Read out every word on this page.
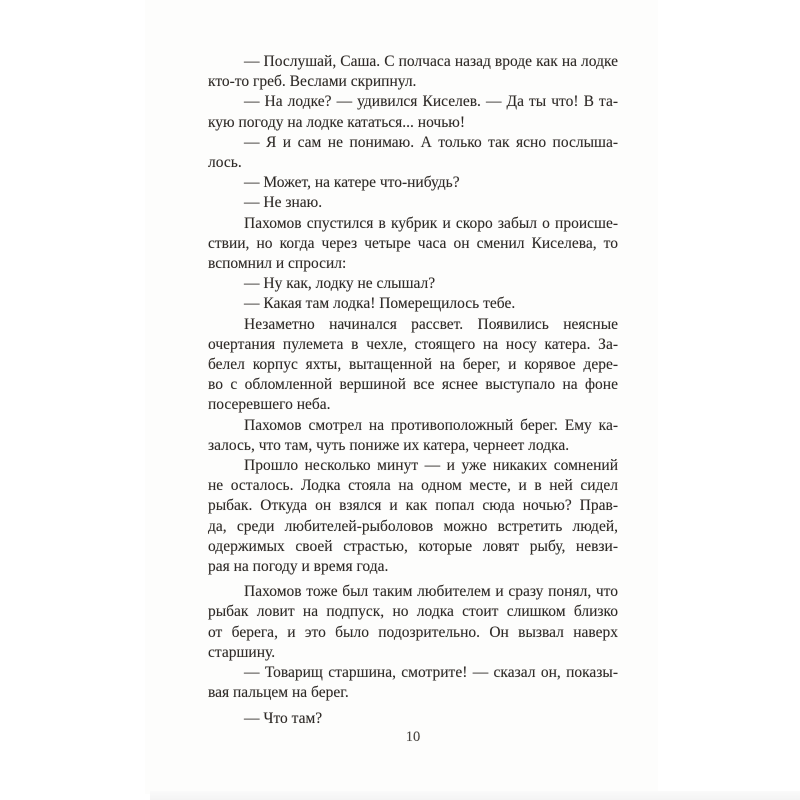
— Послушай, Саша. С полчаса назад вроде как на лодке
кто-то греб. Веслами скрипнул.
— На лодке? — удивился Киселев. — Да ты что! В та-
кую погоду на лодке кататься... ночью!
— Я и сам не понимаю. А только так ясно послыша-
лось.
— Может, на катере что-нибудь?
— Не знаю.
Пахомов спустился в кубрик и скоро забыл о происше-
ствии, но когда через четыре часа он сменил Киселева, то
вспомнил и спросил:
— Ну как, лодку не слышал?
— Какая там лодка! Померещилось тебе.
Незаметно начинался рассвет. Появились неясные
очертания пулемета в чехле, стоящего на носу катера. За-
белел корпус яхты, вытащенной на берег, и корявое дере-
во с обломленной вершиной все яснее выступало на фоне
посеревшего неба.
Пахомов смотрел на противоположный берег. Ему ка-
залось, что там, чуть пониже их катера, чернеет лодка.
Прошло несколько минут — и уже никаких сомнений
не осталось. Лодка стояла на одном месте, и в ней сидел
рыбак. Откуда он взялся и как попал сюда ночью? Прав-
да, среди любителей-рыболовов можно встретить людей,
одержимых своей страстью, которые ловят рыбу, невзи-
рая на погоду и время года.
Пахомов тоже был таким любителем и сразу понял, что
рыбак ловит на подпуск, но лодка стоит слишком близко
от берега, и это было подозрительно. Он вызвал наверх
старшину.
— Товарищ старшина, смотрите! — сказал он, показы-
вая пальцем на берег.
— Что там?
10
